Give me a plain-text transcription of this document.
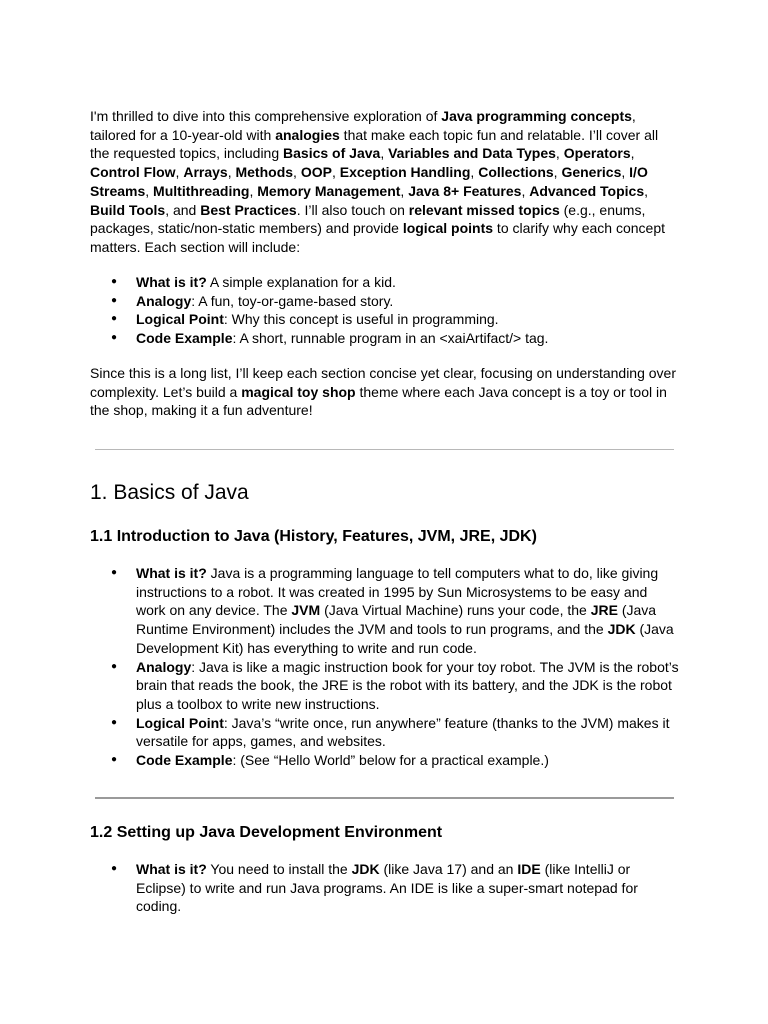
I'm thrilled to dive into this comprehensive exploration of Java programming concepts, tailored for a 10-year-old with analogies that make each topic fun and relatable. I’ll cover all the requested topics, including Basics of Java, Variables and Data Types, Operators, Control Flow, Arrays, Methods, OOP, Exception Handling, Collections, Generics, I/O Streams, Multithreading, Memory Management, Java 8+ Features, Advanced Topics, Build Tools, and Best Practices. I’ll also touch on relevant missed topics (e.g., enums, packages, static/non-static members) and provide logical points to clarify why each concept matters. Each section will include:

● What is it? A simple explanation for a kid.
● Analogy: A fun, toy-or-game-based story.
● Logical Point: Why this concept is useful in programming.
● Code Example: A short, runnable program in an <xaiArtifact/> tag.

Since this is a long list, I’ll keep each section concise yet clear, focusing on understanding over complexity. Let’s build a magical toy shop theme where each Java concept is a toy or tool in the shop, making it a fun adventure!

1. Basics of Java
1.1 Introduction to Java (History, Features, JVM, JRE, JDK)
● What is it? Java is a programming language to tell computers what to do, like giving instructions to a robot. It was created in 1995 by Sun Microsystems to be easy and work on any device. The JVM (Java Virtual Machine) runs your code, the JRE (Java Runtime Environment) includes the JVM and tools to run programs, and the JDK (Java Development Kit) has everything to write and run code.
● Analogy: Java is like a magic instruction book for your toy robot. The JVM is the robot’s brain that reads the book, the JRE is the robot with its battery, and the JDK is the robot plus a toolbox to write new instructions.
● Logical Point: Java’s “write once, run anywhere” feature (thanks to the JVM) makes it versatile for apps, games, and websites.
● Code Example: (See “Hello World” below for a practical example.)
1.2 Setting up Java Development Environment
● What is it? You need to install the JDK (like Java 17) and an IDE (like IntelliJ or Eclipse) to write and run Java programs. An IDE is like a super-smart notepad for coding.
